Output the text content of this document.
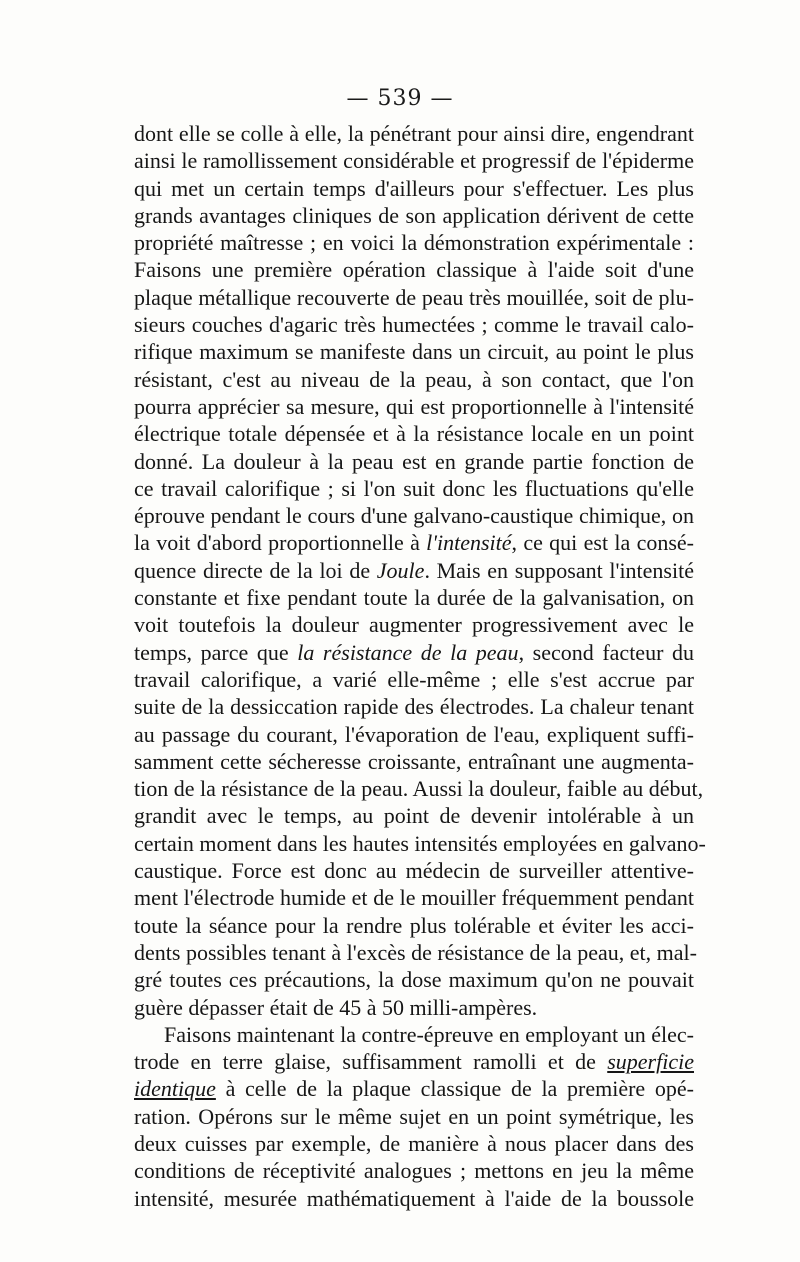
— 539 —
dont elle se colle à elle, la pénétrant pour ainsi dire, engendrant
ainsi le ramollissement considérable et progressif de l'épiderme
qui met un certain temps d'ailleurs pour s'effectuer. Les plus
grands avantages cliniques de son application dérivent de cette
propriété maîtresse ; en voici la démonstration expérimentale :
Faisons une première opération classique à l'aide soit d'une
plaque métallique recouverte de peau très mouillée, soit de plu-
sieurs couches d'agaric très humectées ; comme le travail calo-
rifique maximum se manifeste dans un circuit, au point le plus
résistant, c'est au niveau de la peau, à son contact, que l'on
pourra apprécier sa mesure, qui est proportionnelle à l'intensité
électrique totale dépensée et à la résistance locale en un point
donné. La douleur à la peau est en grande partie fonction de
ce travail calorifique ; si l'on suit donc les fluctuations qu'elle
éprouve pendant le cours d'une galvano-caustique chimique, on
la voit d'abord proportionnelle à l'intensité, ce qui est la consé-
quence directe de la loi de Joule. Mais en supposant l'intensité
constante et fixe pendant toute la durée de la galvanisation, on
voit toutefois la douleur augmenter progressivement avec le
temps, parce que la résistance de la peau, second facteur du
travail calorifique, a varié elle-même ; elle s'est accrue par
suite de la dessiccation rapide des électrodes. La chaleur tenant
au passage du courant, l'évaporation de l'eau, expliquent suffi-
samment cette sécheresse croissante, entraînant une augmenta-
tion de la résistance de la peau. Aussi la douleur, faible au début,
grandit avec le temps, au point de devenir intolérable à un
certain moment dans les hautes intensités employées en galvano-
caustique. Force est donc au médecin de surveiller attentive-
ment l'électrode humide et de le mouiller fréquemment pendant
toute la séance pour la rendre plus tolérable et éviter les acci-
dents possibles tenant à l'excès de résistance de la peau, et, mal-
gré toutes ces précautions, la dose maximum qu'on ne pouvait
guère dépasser était de 45 à 50 milli-ampères.
Faisons maintenant la contre-épreuve en employant un élec-
trode en terre glaise, suffisamment ramolli et de superficie
identique à celle de la plaque classique de la première opé-
ration. Opérons sur le même sujet en un point symétrique, les
deux cuisses par exemple, de manière à nous placer dans des
conditions de réceptivité analogues ; mettons en jeu la même
intensité, mesurée mathématiquement à l'aide de la boussole
